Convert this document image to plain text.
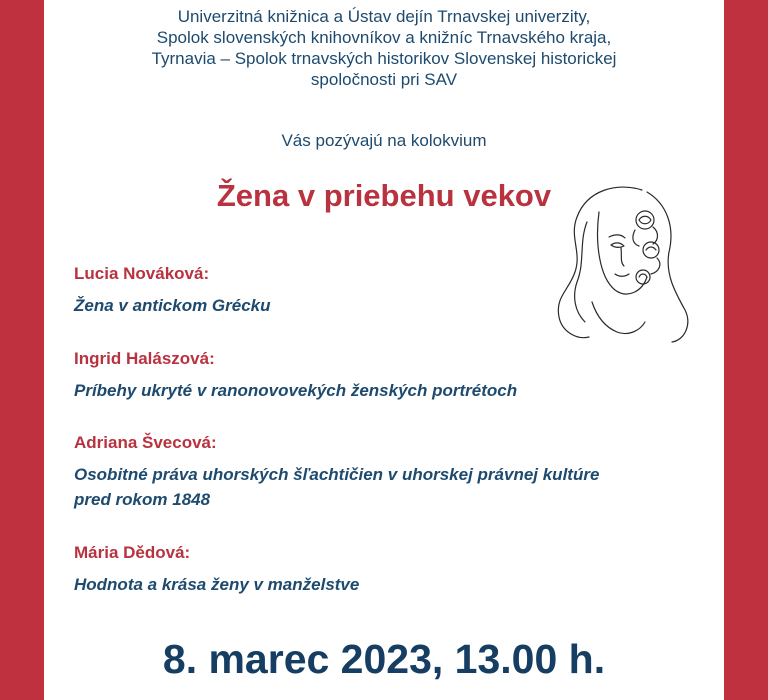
Univerzitná knižnica a Ústav dejín Trnavskej univerzity,
Spolok slovenských knihovníkov a knižníc Trnavského kraja,
Tyrnavia – Spolok trnavských historikov Slovenskej historickej
spoločnosti pri SAV
Vás pozývajú na kolokvium
Žena v priebehu vekov
Lucia Nováková:
Žena v antickom Grécku
Ingrid Halászová:
Príbehy ukryté v ranonovovekých ženských portrétoch
Adriana Švecová:
Osobitné práva uhorských šľachtičien v uhorskej právnej kultúre
pred rokom 1848
Mária Dědová:
Hodnota a krása ženy v manželstve
8. marec 2023, 13.00 h.
